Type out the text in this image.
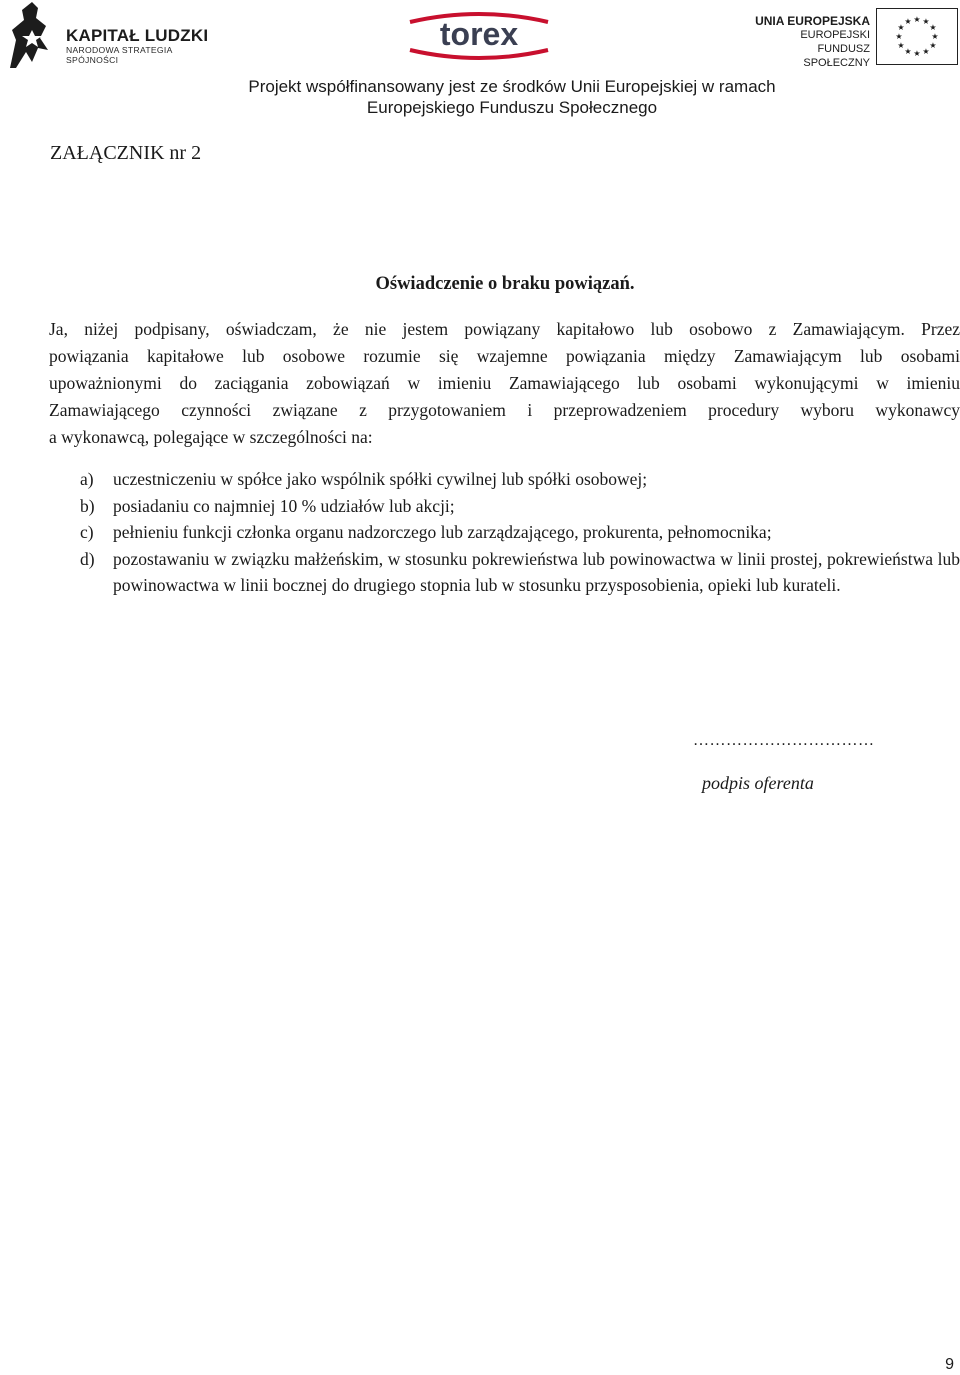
KAPITAŁ LUDZKI
NARODOWA STRATEGIA SPÓJNOŚCI
torex	UNIA EUROPEJSKA
EUROPEJSKI
FUNDUSZ SPOŁECZNY
★ ★
★
★
★
★
★
★
★
★
★
★
Projekt współfinansowany jest ze środków Unii Europejskiej w ramach
Europejskiego Funduszu Społecznego
ZAŁĄCZNIK nr 2
Oświadczenie o braku powiązań.
Ja, niżej podpisany, oświadczam, że nie jestem powiązany kapitałowo lub osobowo z Zamawiającym. Przez
powiązania kapitałowe lub osobowe rozumie się wzajemne powiązania między Zamawiającym lub osobami
upoważnionymi do zaciągania zobowiązań w imieniu Zamawiającego lub osobami wykonującymi w imieniu
Zamawiającego czynności związane z przygotowaniem i przeprowadzeniem procedury wyboru wykonawcy
a wykonawcą, polegające w szczególności na:
a) uczestniczeniu w spółce jako wspólnik spółki cywilnej lub spółki osobowej;
b) posiadaniu co najmniej 10 % udziałów lub akcji;
c) pełnieniu funkcji członka organu nadzorczego lub zarządzającego, prokurenta, pełnomocnika;
d) pozostawaniu w związku małżeńskim, w stosunku pokrewieństwa lub powinowactwa w linii prostej, pokrewieństwa lub powinowactwa w linii bocznej do drugiego stopnia lub w stosunku przysposobienia, opieki lub kurateli.
……………………………
podpis oferenta
9
